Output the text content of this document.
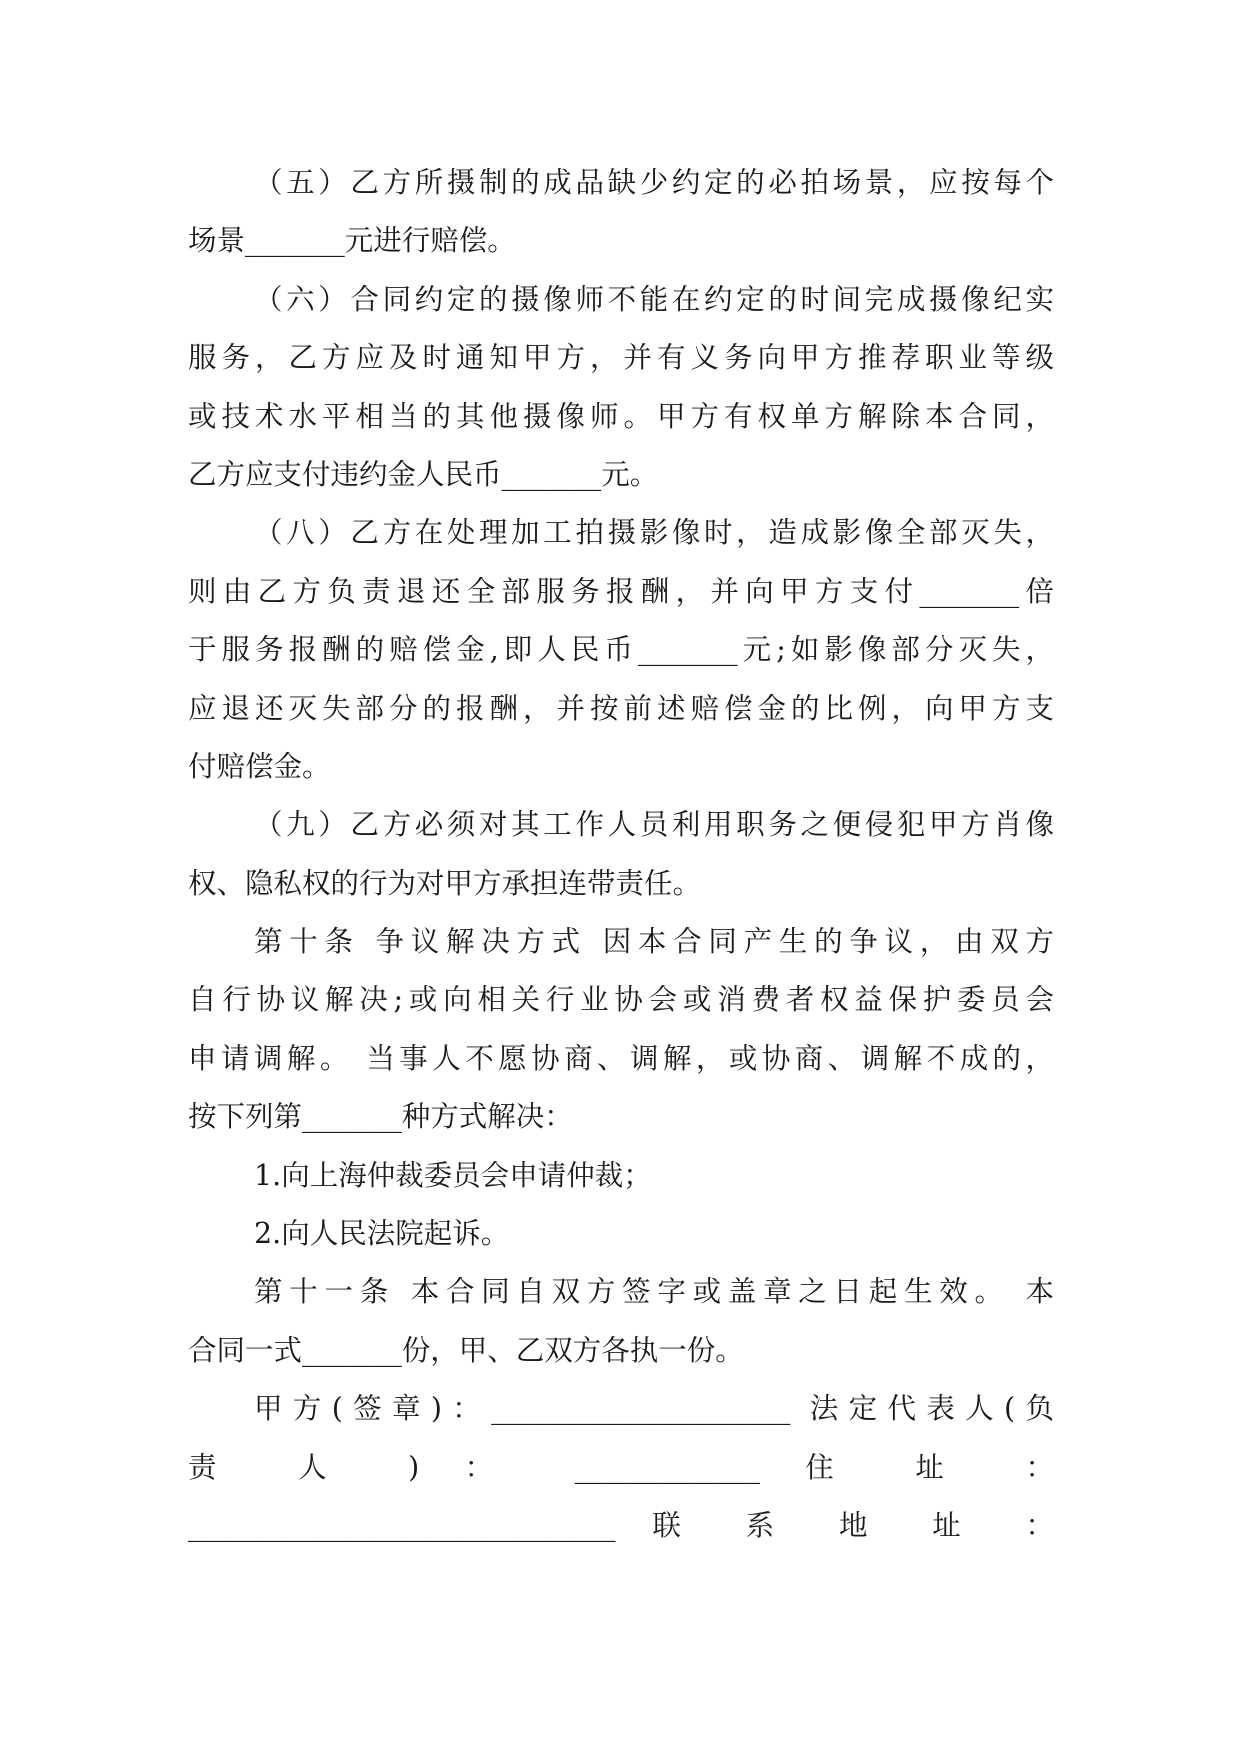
（五）乙方所摄制的成品缺少约定的必拍场景，应按每个
场景_______元进行赔偿。
（六）合同约定的摄像师不能在约定的时间完成摄像纪实
服务，乙方应及时通知甲方，并有义务向甲方推荐职业等级
或技术水平相当的其他摄像师。甲方有权单方解除本合同，
乙方应支付违约金人民币_______元。
（八）乙方在处理加工拍摄影像时，造成影像全部灭失，
则由乙方负责退还全部服务报酬，并向甲方支付_______倍
于服务报酬的赔偿金,即人民币_______元;如影像部分灭失，
应退还灭失部分的报酬，并按前述赔偿金的比例，向甲方支
付赔偿金。
（九）乙方必须对其工作人员利用职务之便侵犯甲方肖像
权、隐私权的行为对甲方承担连带责任。
第十条 争议解决方式 因本合同产生的争议，由双方
自行协议解决;或向相关行业协会或消费者权益保护委员会
申请调解。 当事人不愿协商、调解，或协商、调解不成的，
按下列第_______种方式解决：
1.向上海仲裁委员会申请仲裁；
2.向人民法院起诉。
第十一条 本合同自双方签字或盖章之日起生效。 本
合同一式_______份，甲、乙双方各执一份。
甲方(签章)：_____________________ 法定代表人(负
责 人 ) ： _____________ 住 址 ：
______________________________ 联 系 地 址 ：
